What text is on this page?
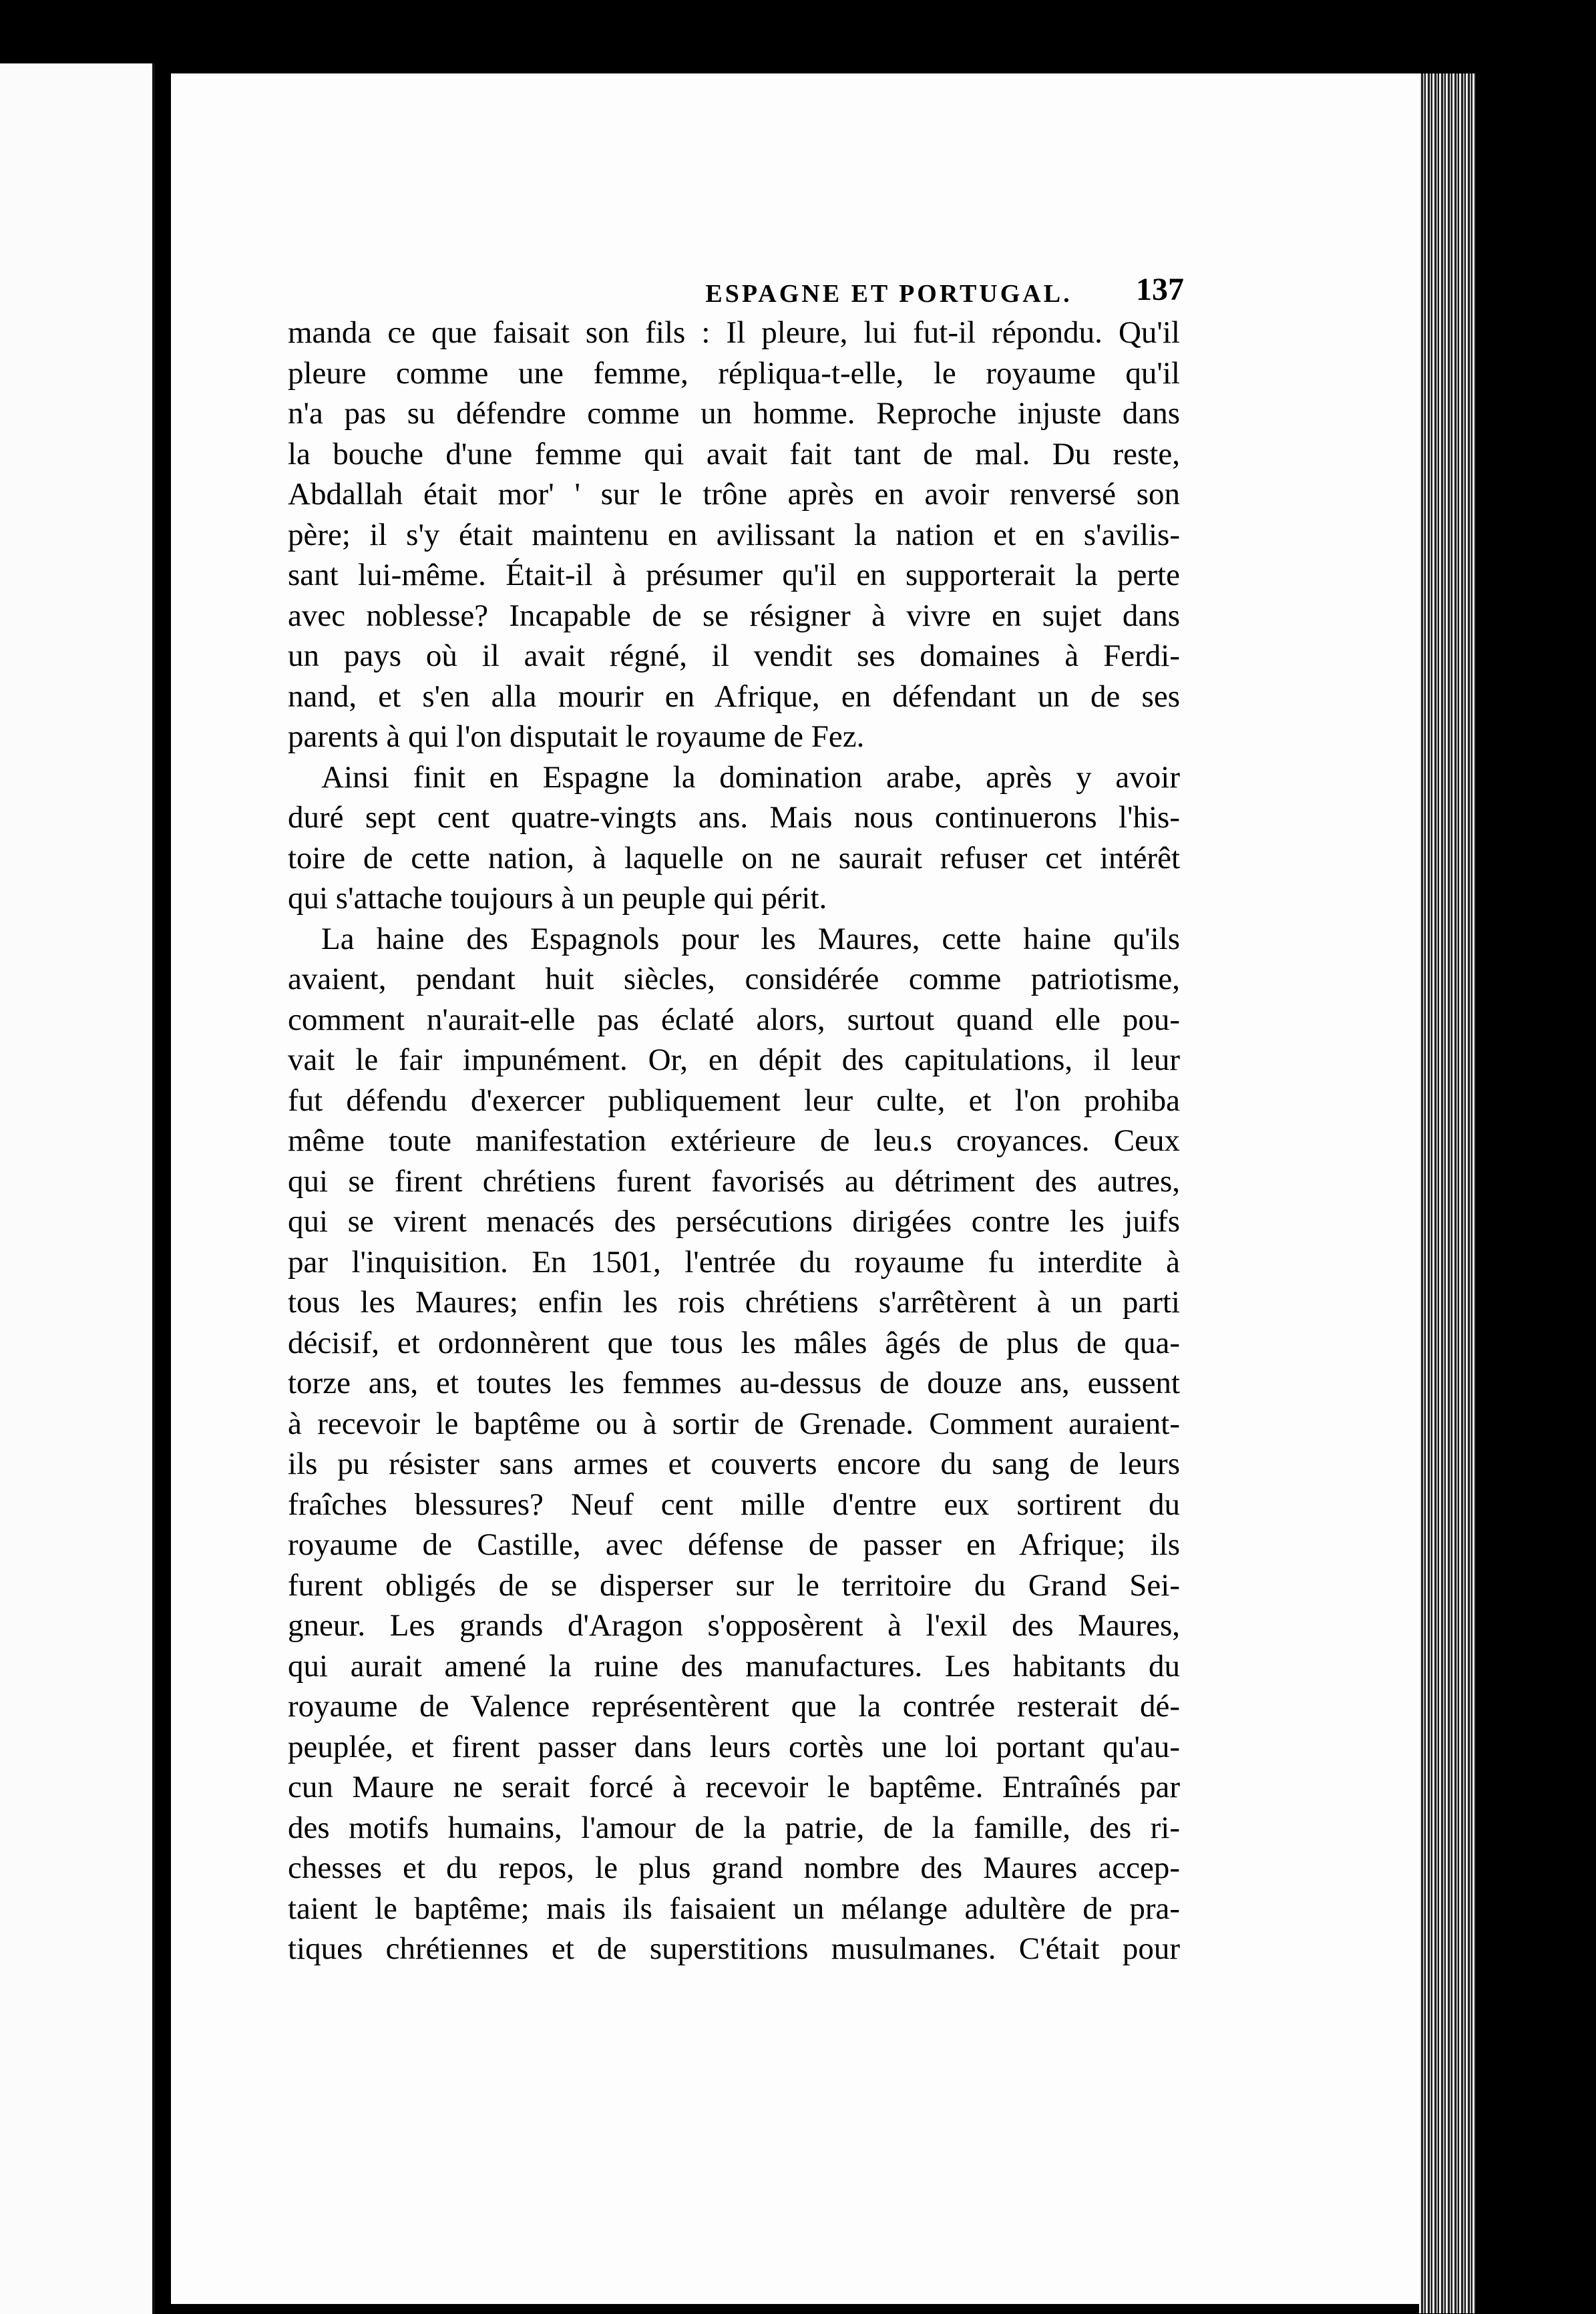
ESPAGNE ET PORTUGAL.	137
manda ce que faisait son fils : Il pleure, lui fut-il répondu. Qu'il
pleure comme une femme, répliqua-t-elle, le royaume qu'il
n'a pas su défendre comme un homme. Reproche injuste dans
la bouche d'une femme qui avait fait tant de mal. Du reste,
Abdallah était mor' ' sur le trône après en avoir renversé son
père; il s'y était maintenu en avilissant la nation et en s'avilis-
sant lui-même. Était-il à présumer qu'il en supporterait la perte
avec noblesse? Incapable de se résigner à vivre en sujet dans
un pays où il avait régné, il vendit ses domaines à Ferdi-
nand, et s'en alla mourir en Afrique, en défendant un de ses
parents à qui l'on disputait le royaume de Fez.
Ainsi finit en Espagne la domination arabe, après y avoir
duré sept cent quatre-vingts ans. Mais nous continuerons l'his-
toire de cette nation, à laquelle on ne saurait refuser cet intérêt
qui s'attache toujours à un peuple qui périt.
La haine des Espagnols pour les Maures, cette haine qu'ils
avaient, pendant huit siècles, considérée comme patriotisme,
comment n'aurait-elle pas éclaté alors, surtout quand elle pou-
vait le fair impunément. Or, en dépit des capitulations, il leur
fut défendu d'exercer publiquement leur culte, et l'on prohiba
même toute manifestation extérieure de leu.s croyances. Ceux
qui se firent chrétiens furent favorisés au détriment des autres,
qui se virent menacés des persécutions dirigées contre les juifs
par l'inquisition. En 1501, l'entrée du royaume fu interdite à
tous les Maures; enfin les rois chrétiens s'arrêtèrent à un parti
décisif, et ordonnèrent que tous les mâles âgés de plus de qua-
torze ans, et toutes les femmes au-dessus de douze ans, eussent
à recevoir le baptême ou à sortir de Grenade. Comment auraient-
ils pu résister sans armes et couverts encore du sang de leurs
fraîches blessures? Neuf cent mille d'entre eux sortirent du
royaume de Castille, avec défense de passer en Afrique; ils
furent obligés de se disperser sur le territoire du Grand Sei-
gneur. Les grands d'Aragon s'opposèrent à l'exil des Maures,
qui aurait amené la ruine des manufactures. Les habitants du
royaume de Valence représentèrent que la contrée resterait dé-
peuplée, et firent passer dans leurs cortès une loi portant qu'au-
cun Maure ne serait forcé à recevoir le baptême. Entraînés par
des motifs humains, l'amour de la patrie, de la famille, des ri-
chesses et du repos, le plus grand nombre des Maures accep-
taient le baptême; mais ils faisaient un mélange adultère de pra-
tiques chrétiennes et de superstitions musulmanes. C'était pour
